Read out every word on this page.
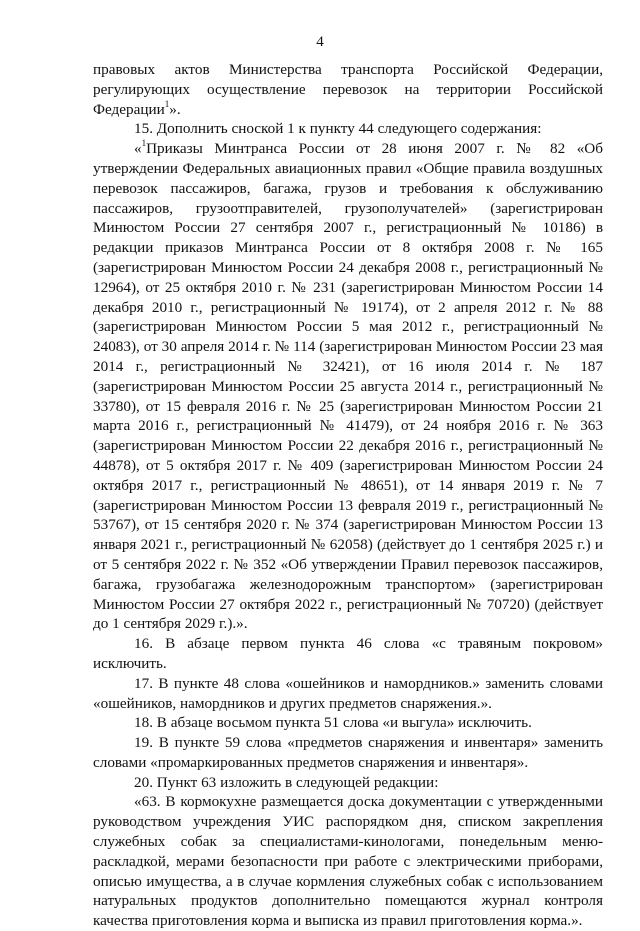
4

правовых актов Министерства транспорта Российской Федерации, регулирующих осуществление перевозок на территории Российской Федерации$^1$».

15. Дополнить сноской 1 к пункту 44 следующего содержания:

«$^1$Приказы Минтранса России от 28 июня 2007 г. № 82 «Об утверждении Федеральных авиационных правил «Общие правила воздушных перевозок пассажиров, багажа, грузов и требования к обслуживанию пассажиров, грузоотправителей, грузополучателей» (зарегистрирован Минюстом России 27 сентября 2007 г., регистрационный № 10186) в редакции приказов Минтранса России от 8 октября 2008 г. № 165 (зарегистрирован Минюстом России 24 декабря 2008 г., регистрационный № 12964), от 25 октября 2010 г. № 231 (зарегистрирован Минюстом России 14 декабря 2010 г., регистрационный № 19174), от 2 апреля 2012 г. № 88 (зарегистрирован Минюстом России 5 мая 2012 г., регистрационный № 24083), от 30 апреля 2014 г. № 114 (зарегистрирован Минюстом России 23 мая 2014 г., регистрационный № 32421), от 16 июля 2014 г. № 187 (зарегистрирован Минюстом России 25 августа 2014 г., регистрационный № 33780), от 15 февраля 2016 г. № 25 (зарегистрирован Минюстом России 21 марта 2016 г., регистрационный № 41479), от 24 ноября 2016 г. № 363 (зарегистрирован Минюстом России 22 декабря 2016 г., регистрационный № 44878), от 5 октября 2017 г. № 409 (зарегистрирован Минюстом России 24 октября 2017 г., регистрационный № 48651), от 14 января 2019 г. № 7 (зарегистрирован Минюстом России 13 февраля 2019 г., регистрационный № 53767), от 15 сентября 2020 г. № 374 (зарегистрирован Минюстом России 13 января 2021 г., регистрационный № 62058) (действует до 1 сентября 2025 г.) и от 5 сентября 2022 г. № 352 «Об утверждении Правил перевозок пассажиров, багажа, грузобагажа железнодорожным транспортом» (зарегистрирован Минюстом России 27 октября 2022 г., регистрационный № 70720) (действует до 1 сентября 2029 г.).».

16. В абзаце первом пункта 46 слова «с травяным покровом» исключить.

17. В пункте 48 слова «ошейников и намордников.» заменить словами «ошейников, намордников и других предметов снаряжения.».

18. В абзаце восьмом пункта 51 слова «и выгула» исключить.

19. В пункте 59 слова «предметов снаряжения и инвентаря» заменить словами «промаркированных предметов снаряжения и инвентаря».

20. Пункт 63 изложить в следующей редакции:

«63. В кормокухне размещается доска документации с утвержденными руководством учреждения УИС распорядком дня, списком закрепления служебных собак за специалистами-кинологами, понедельным меню-раскладкой, мерами безопасности при работе с электрическими приборами, описью имущества, а в случае кормления служебных собак с использованием натуральных продуктов дополнительно помещаются журнал контроля качества приготовления корма и выписка из правил приготовления корма.».
